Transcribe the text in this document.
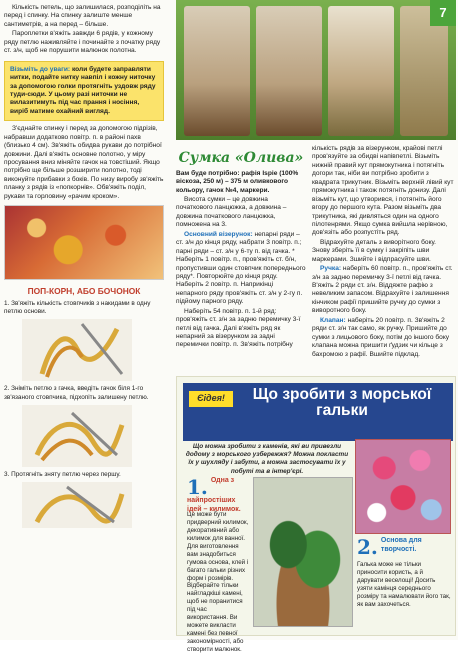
Кількість петель, що залишилася, розподіліть на перед і спинку. На спинку залиште менше сантиметрів, а на перед – більше.

Пароплетки в'яжіть завжди 6 рядів, у кожному ряду петлю наживляйте і починайте з початку ряду ст. з/н, щоб не порушити малюнок полотна.

Візьміть до уваги: коли будете заправляти нитки, подайте нитку навпіл і кожну ниточку за допомогою голки протягніть уздовж ряду туди-сюди. У цьому разі ниточки не вилазитимуть під час прання і носіння, виріб матиме охайний вигляд.

З'єднайте спинку і перед за допомогою підрізів, набравши додатково повітр. п. в районі пахв (близько 4 см). Зв'яжіть обидва рукави до потрібної довжини. Далі в'яжіть основне полотно, у міру просування вниз міняйте гачок на товстіший. Якщо потрібно ще більше розширити полотно, тоді виконуйте прибавки з боків. По низу виробу зв'яжіть планку з рядів із «попкорнів». Обв'яжіть поділ, рукави та горловину «рачим кроком».

ПОП-КОРН, АБО БОЧОНОК
1. Зв'яжіть кількість стовпчиків з накидами в одну петлю основи.
2. Зніміть петлю з гачка, введіть гачок біля 1-го зв'язаного стовпчика, підхопіть залишену петлю.
3. Протягніть зняту петлю через першу.
7
Сумка «Олива»

Вам буде потрібно: рафія Ispie (100% віскоза, 250 м) – 375 м оливкового кольору, гачок №4, маркери.

Висота сумки – це довжина початкового ланцюжка, а довжина – довжина початкового ланцюжка, помножена на 3.

Основний візерунок: непарні ряди – ст. з/н до кінця ряду, набрати 3 повітр. п.; парні ряди – ст. з/н у 6-ту п. від гачка. * Наберіть 1 повітр. п., пров'яжіть ст. б/н, пропустивши один стовпчик попереднього ряду*. Повторюйте до кінця ряду. Наберіть 2 повітр. п. Наприкінці непарного ряду пров'яжіть ст. з/н у 2-гу п. підйому парного ряду.

Наберіть 54 повітр. п. 1-й ряд: пров'яжіть ст. з/н за задню перемичку 3-ї петлі від гачка. Далі в'яжіть ряд як непарний за візерунком за задні перемички повітр. п. Зв'яжіть потрібну

кількість рядів за візерунком, крайові петлі пров'язуйте за обидві напівпетлі. Візьміть нижній правий кут прямокутника і потягніть догори так, ніби ви потрібно зробити з квадрата трикутник. Візьміть верхній лівий кут прямокутника і також потягніть донизу. Далі візьміть кут, що утворився, і потягніть його вгору до першого кута. Разом візьміть два трикутника, які дивляться один на одного пілотенрями. Якщо сумка вийшла нерівною, дов'язіть або розпустіть ряд.

Відрахуйте деталь з виворітного боку. Знову зберіть її в сумку і закріпіть шви маркерами. Зшийте і відпрасуйте шви.

Ручка: наберіть 60 повітр. п., пров'яжіть ст. з/н за задню перемичку 3-ї петлі від гачка. В'яжіть 2 ряди ст. з/н. Віддяжте рафію з невеликим запасом. Відрахуйте і залишення кінчиком рафії пришийте ручку до сумки з виворотного боку.

Клапан: наберіть 20 повітр. п. Зв'яжіть 2 ряди ст. з/н так само, як ручку. Пришийте до сумки з лицьового боку, потім до іншого боку клапана можна пришити ґудзик чи кільце з бахромою з рафії. Вшийте підклад.

Єідея!	Що зробити з морської гальки
Що можна зробити з каменів, які ви привезли додому з морського узбережжя? Можна покласти їх у шухляду і забути, а можна застосувати їх у побуті та в інтер'єрі.
1. Одна з найпростіших ідей – килимок.
Це може бути придверний килимок, декоративний або килимок для ванної. Для виготовлення вам знадобиться гумова основа, клей і багато гальки різних форм і розмірів. Відберайте тільки найгладкіші камені, щоб не поранитися під час використання. Ви можете викласти камені без певної закономірності, або створити малюнок.
2. Основа для творчості.
Галька може не тільки приносити користь, а й дарувати веселощі! Досить узяти камінця середнього розміру та намалювати його так, як вам захочеться.
